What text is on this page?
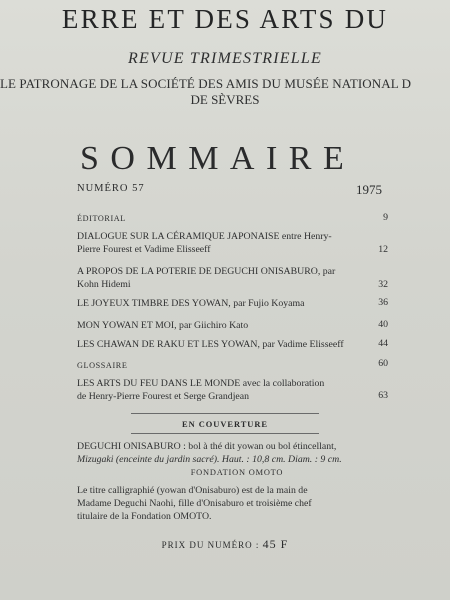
ERRE ET DES ARTS DU
REVUE TRIMESTRIELLE
LE PATRONAGE DE LA SOCIÉTÉ DES AMIS DU MUSÉE NATIONAL D
DE SÈVRES
SOMMAIRE
NUMÉRO 57	1975
ÉDITORIAL	9
DIALOGUE SUR LA CÉRAMIQUE JAPONAISE entre Henry-
Pierre Fourest et Vadime Elisseeff	12
A PROPOS DE LA POTERIE DE DEGUCHI ONISABURO, par
Kohn Hidemi	32
LE JOYEUX TIMBRE DES YOWAN, par Fujio Koyama	36
MON YOWAN ET MOI, par Giichiro Kato	40
LES CHAWAN DE RAKU ET LES YOWAN, par Vadime Elisseeff	44
GLOSSAIRE	60
LES ARTS DU FEU DANS LE MONDE avec la collaboration
de Henry-Pierre Fourest et Serge Grandjean	63
EN COUVERTURE
DEGUCHI ONISABURO : bol à thé dit yowan ou bol étincellant,
Mizugaki (enceinte du jardin sacré). Haut. : 10,8 cm. Diam. : 9 cm.
FONDATION OMOTO
Le titre calligraphié (yowan d'Onisaburo) est de la main de
Madame Deguchi Naohi, fille d'Onisaburo et troisième chef
titulaire de la Fondation OMOTO.
PRIX DU NUMÉRO : 45 F
